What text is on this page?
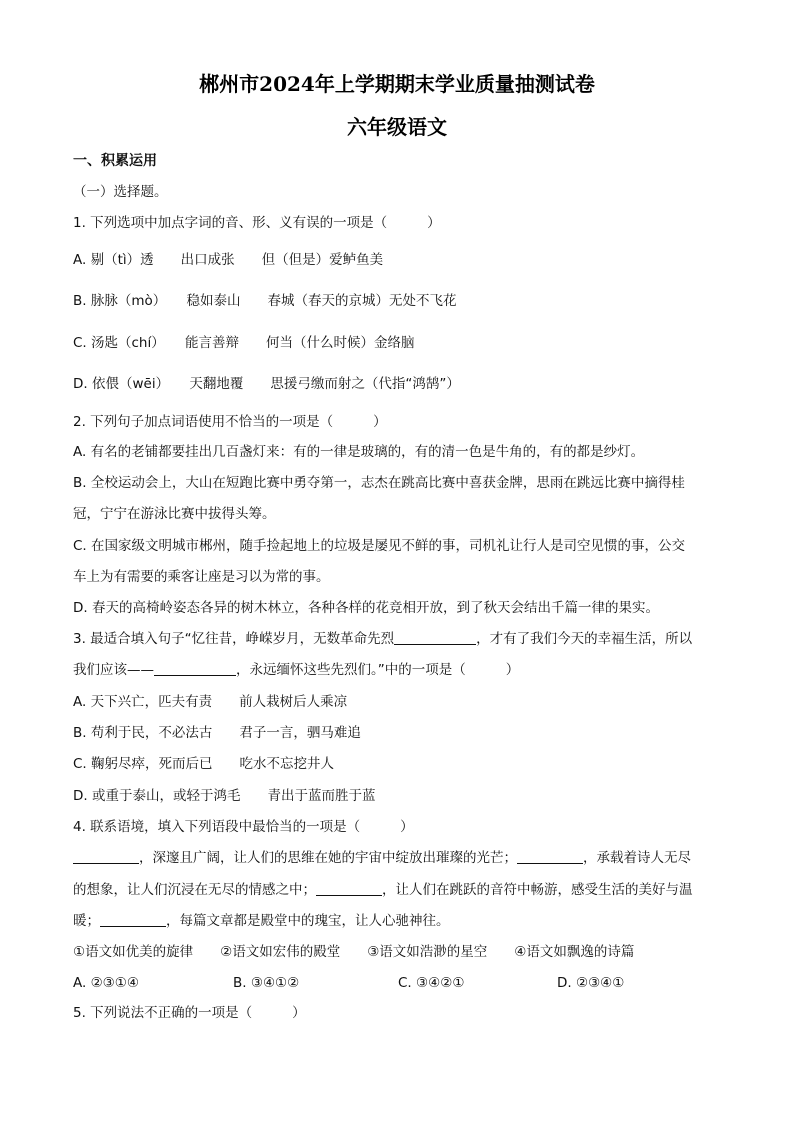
郴州市2024年上学期期末学业质量抽测试卷
六年级语文
一、积累运用
（一）选择题。
1. 下列选项中加点字词的音、形、义有误的一项是（	）
A. 剔（tì）透　　出口成张　　但（但是）爱鲈鱼美
B. 脉脉（mò）　　稳如泰山　　春城（春天的京城）无处不飞花
C. 汤匙（chí）　　能言善辩　　何当（什么时候）金络脑
D. 依偎（wēi）　　天翻地覆　　思援弓缴而射之（代指“鸿鹄”）
2. 下列句子加点词语使用不恰当的一项是（	）
A. 有名的老铺都要挂出几百盏灯来：有的一律是玻璃的，有的清一色是牛角的，有的都是纱灯。
B. 全校运动会上，大山在短跑比赛中勇夺第一，志杰在跳高比赛中喜获金牌，思雨在跳远比赛中摘得桂
冠，宁宁在游泳比赛中拔得头筹。
C. 在国家级文明城市郴州，随手捡起地上的垃圾是屡见不鲜的事，司机礼让行人是司空见惯的事，公交
车上为有需要的乘客让座是习以为常的事。
D. 春天的高椅岭姿态各异的树木林立，各种各样的花竞相开放，到了秋天会结出千篇一律的果实。
3. 最适合填入句子“忆往昔，峥嵘岁月，无数革命先烈	，才有了我们今天的幸福生活，所以
我们应该——	，永远缅怀这些先烈们。”中的一项是（	）
A. 天下兴亡，匹夫有责　　前人栽树后人乘凉
B. 苟利于民，不必法古　　君子一言，驷马难追
C. 鞠躬尽瘁，死而后已　　吃水不忘挖井人
D. 或重于泰山，或轻于鸿毛　　青出于蓝而胜于蓝
4. 联系语境，填入下列语段中最恰当的一项是（	）
，深邃且广阔，让人们的思维在她的宇宙中绽放出璀璨的光芒；	，承载着诗人无尽
的想象，让人们沉浸在无尽的情感之中；	，让人们在跳跃的音符中畅游，感受生活的美好与温
暖；	，每篇文章都是殿堂中的瑰宝，让人心驰神往。
①语文如优美的旋律　　②语文如宏伟的殿堂　　③语文如浩渺的星空　　④语文如飘逸的诗篇
A. ②③①④	B. ③④①②	C. ③④②①	D. ②③④①
5. 下列说法不正确的一项是（	）
